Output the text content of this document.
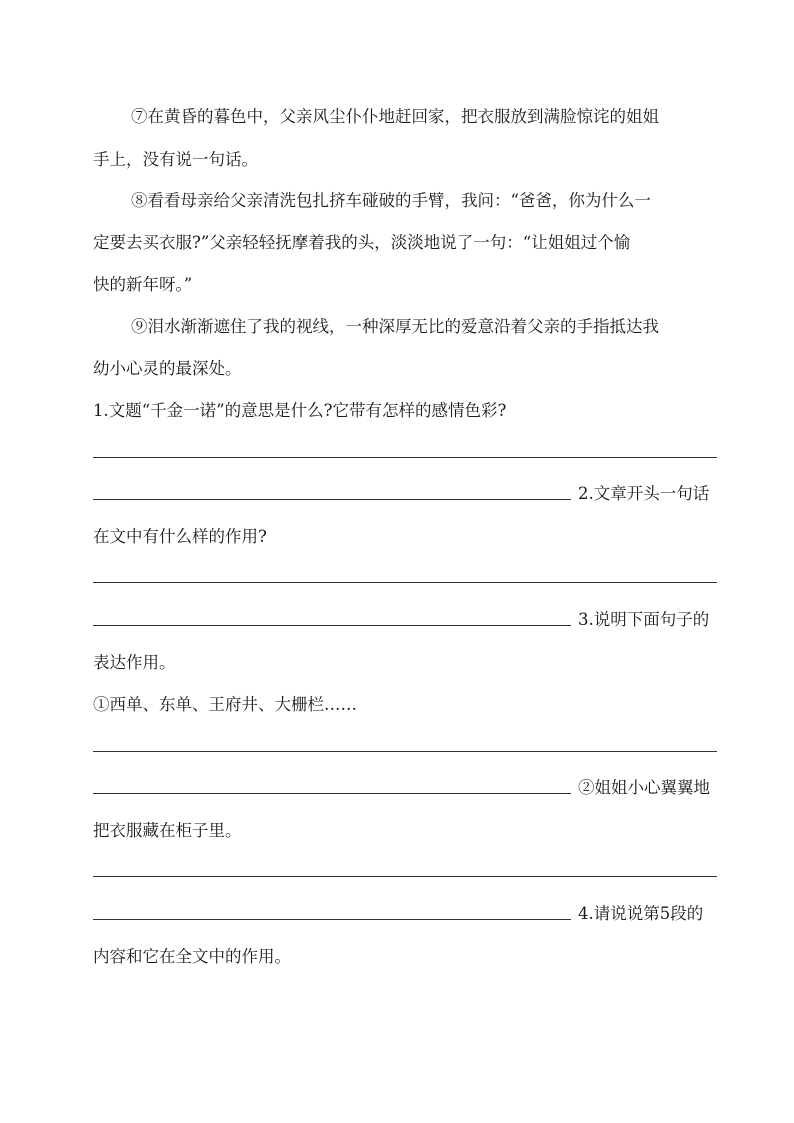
⑦在黄昏的暮色中，父亲风尘仆仆地赶回家，把衣服放到满脸惊诧的姐姐
手上，没有说一句话。
⑧看看母亲给父亲清洗包扎挤车碰破的手臂，我问：“爸爸，你为什么一
定要去买衣服?”父亲轻轻抚摩着我的头，淡淡地说了一句：“让姐姐过个愉
快的新年呀。”
⑨泪水渐渐遮住了我的视线，一种深厚无比的爱意沿着父亲的手指抵达我
幼小心灵的最深处。
1.文题“千金一诺”的意思是什么?它带有怎样的感情色彩?
2.文章开头一句话
在文中有什么样的作用?
3.说明下面句子的
表达作用。
①西单、东单、王府井、大栅栏……
②姐姐小心翼翼地
把衣服藏在柜子里。
4.请说说第5段的
内容和它在全文中的作用。
